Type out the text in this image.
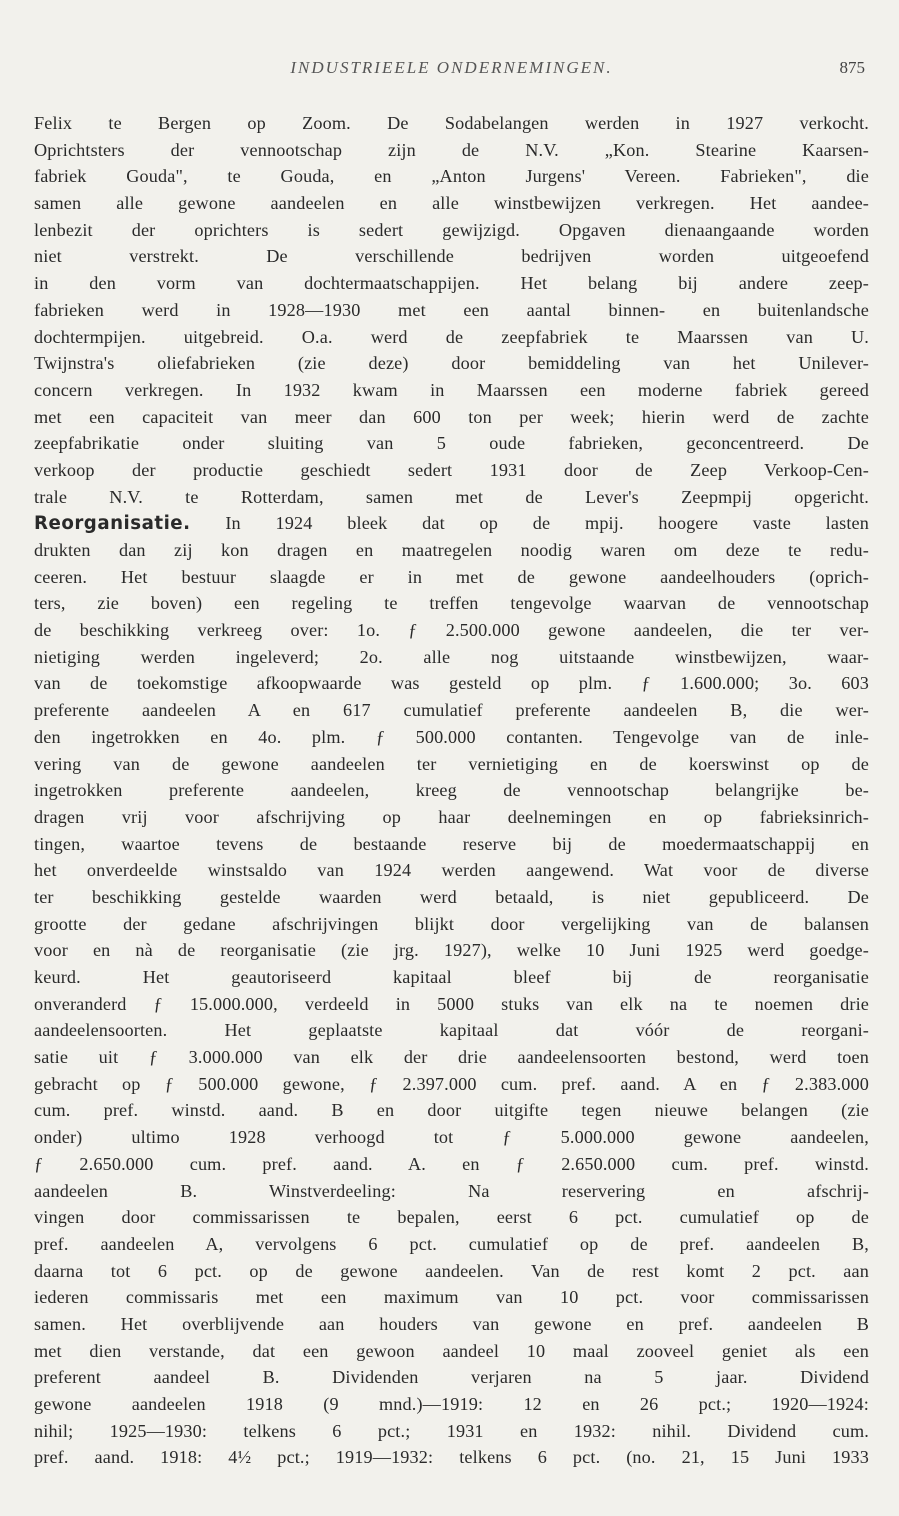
INDUSTRIEELE ONDERNEMINGEN.	875
Felix te Bergen op Zoom. De Sodabelangen werden in 1927 verkocht.
Oprichtsters der vennootschap zijn de N.V. „Kon. Stearine Kaarsen-
fabriek Gouda", te Gouda, en „Anton Jurgens' Vereen. Fabrieken", die
samen alle gewone aandeelen en alle winstbewijzen verkregen. Het aandee-
lenbezit der oprichters is sedert gewijzigd. Opgaven dienaangaande worden
niet verstrekt. De verschillende bedrijven worden uitgeoefend
in den vorm van dochtermaatschappijen. Het belang bij andere zeep-
fabrieken werd in 1928—1930 met een aantal binnen- en buitenlandsche
dochtermpijen. uitgebreid. O.a. werd de zeepfabriek te Maarssen van U.
Twijnstra's oliefabrieken (zie deze) door bemiddeling van het Unilever-
concern verkregen. In 1932 kwam in Maarssen een moderne fabriek gereed
met een capaciteit van meer dan 600 ton per week; hierin werd de zachte
zeepfabrikatie onder sluiting van 5 oude fabrieken, geconcentreerd. De
verkoop der productie geschiedt sedert 1931 door de Zeep Verkoop-Cen-
trale N.V. te Rotterdam, samen met de Lever's Zeepmpij opgericht.
Reorganisatie. In 1924 bleek dat op de mpij. hoogere vaste lasten
drukten dan zij kon dragen en maatregelen noodig waren om deze te redu-
ceeren. Het bestuur slaagde er in met de gewone aandeelhouders (oprich-
ters, zie boven) een regeling te treffen tengevolge waarvan de vennootschap
de beschikking verkreeg over: 1o. ƒ 2.500.000 gewone aandeelen, die ter ver-
nietiging werden ingeleverd; 2o. alle nog uitstaande winstbewijzen, waar-
van de toekomstige afkoopwaarde was gesteld op plm. ƒ 1.600.000; 3o. 603
preferente aandeelen A en 617 cumulatief preferente aandeelen B, die wer-
den ingetrokken en 4o. plm. ƒ 500.000 contanten. Tengevolge van de inle-
vering van de gewone aandeelen ter vernietiging en de koerswinst op de
ingetrokken preferente aandeelen, kreeg de vennootschap belangrijke be-
dragen vrij voor afschrijving op haar deelnemingen en op fabrieksinrich-
tingen, waartoe tevens de bestaande reserve bij de moedermaatschappij en
het onverdeelde winstsaldo van 1924 werden aangewend. Wat voor de diverse
ter beschikking gestelde waarden werd betaald, is niet gepubliceerd. De
grootte der gedane afschrijvingen blijkt door vergelijking van de balansen
voor en nà de reorganisatie (zie jrg. 1927), welke 10 Juni 1925 werd goedge-
keurd. Het geautoriseerd kapitaal bleef bij de reorganisatie
onveranderd ƒ 15.000.000, verdeeld in 5000 stuks van elk na te noemen drie
aandeelensoorten. Het geplaatste kapitaal dat vóór de reorgani-
satie uit ƒ 3.000.000 van elk der drie aandeelensoorten bestond, werd toen
gebracht op ƒ 500.000 gewone, ƒ 2.397.000 cum. pref. aand. A en ƒ 2.383.000
cum. pref. winstd. aand. B en door uitgifte tegen nieuwe belangen (zie
onder) ultimo 1928 verhoogd tot ƒ 5.000.000 gewone aandeelen,
ƒ 2.650.000 cum. pref. aand. A. en ƒ 2.650.000 cum. pref. winstd.
aandeelen B. Winstverdeeling: Na reservering en afschrij-
vingen door commissarissen te bepalen, eerst 6 pct. cumulatief op de
pref. aandeelen A, vervolgens 6 pct. cumulatief op de pref. aandeelen B,
daarna tot 6 pct. op de gewone aandeelen. Van de rest komt 2 pct. aan
iederen commissaris met een maximum van 10 pct. voor commissarissen
samen. Het overblijvende aan houders van gewone en pref. aandeelen B
met dien verstande, dat een gewoon aandeel 10 maal zooveel geniet als een
preferent aandeel B. Dividenden verjaren na 5 jaar. Dividend
gewone aandeelen 1918 (9 mnd.)—1919: 12 en 26 pct.; 1920—1924:
nihil; 1925—1930: telkens 6 pct.; 1931 en 1932: nihil. Dividend cum.
pref. aand. 1918: 4½ pct.; 1919—1932: telkens 6 pct. (no. 21, 15 Juni 1933
